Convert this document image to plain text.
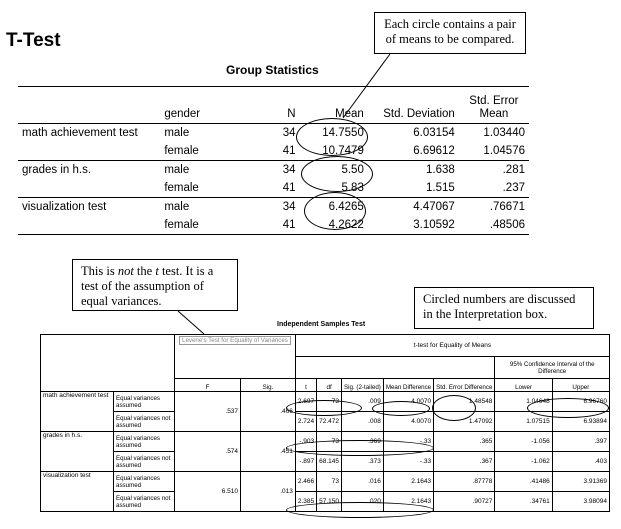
T-Test
Each circle contains a pair of means to be compared.
Group Statistics
	gender	N	Mean	Std. Deviation	Std. Error Mean
math achievement test	male	34	14.7550	6.03154	1.03440
	female	41	10.7479	6.69612	1.04576
grades in h.s.	male	34	5.50	1.638	.281
	female	41	5.83	1.515	.237
visualization test	male	34	6.4265	4.47067	.76671
	female	41	4.2622	3.10592	.48506
This is not the t test. It is a test of the assumption of equal variances.	Circled numbers are discussed in the Interpretation box.
Independent Samples Test

		Levene's Test for Equality of Variances		t-test for Equality of Means						
									95% Confidence Interval of the Difference	
		F	Sig.	t	df	Sig. (2-tailed)	Mean Difference	Std. Error Difference	Lower	Upper
math achievement test	Equal variances assumed	.537	.466	2.697	73	.009	4.0070	1.48548	1.04648	6.96760
	Equal variances not assumed			2.724	72.472	.008	4.0070	1.47092	1.07515	6.93894
grades in h.s.	Equal variances assumed	.574	.451	-.903	73	.369	-.33	.365	-1.056	.397
	Equal variances not assumed			-.897	68.145	.373	-.33	.367	-1.062	.403
visualization test	Equal variances assumed	6.510	.013	2.466	73	.016	2.1643	.87778	.41486	3.91369
	Equal variances not assumed			2.385	57.150	.020	2.1643	.90727	.34761	3.98094
